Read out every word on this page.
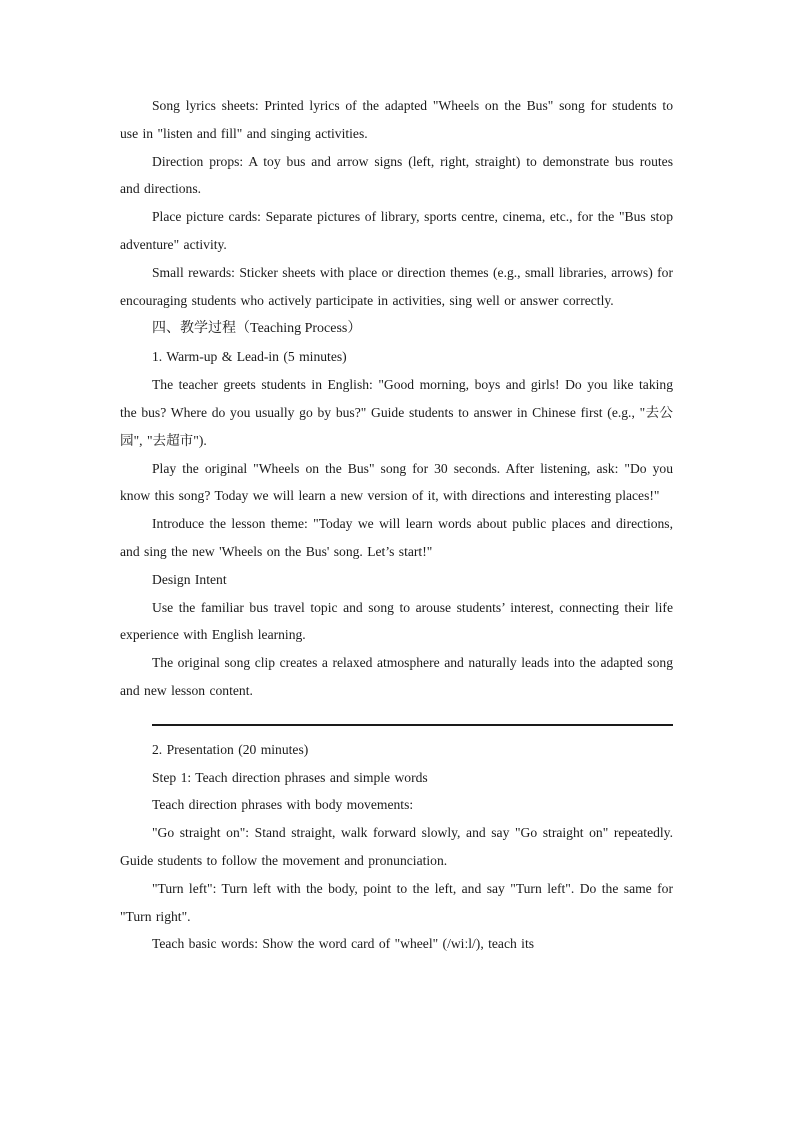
Song lyrics sheets: Printed lyrics of the adapted "Wheels on the Bus" song for students to use in "listen and fill" and singing activities.

Direction props: A toy bus and arrow signs (left, right, straight) to demonstrate bus routes and directions.

Place picture cards: Separate pictures of library, sports centre, cinema, etc., for the "Bus stop adventure" activity.

Small rewards: Sticker sheets with place or direction themes (e.g., small libraries, arrows) for encouraging students who actively participate in activities, sing well or answer correctly.

四、教学过程（Teaching Process）

1. Warm-up & Lead-in (5 minutes)

The teacher greets students in English: "Good morning, boys and girls! Do you like taking the bus? Where do you usually go by bus?" Guide students to answer in Chinese first (e.g., "去公园", "去超市").

Play the original "Wheels on the Bus" song for 30 seconds. After listening, ask: "Do you know this song? Today we will learn a new version of it, with directions and interesting places!"

Introduce the lesson theme: "Today we will learn words about public places and directions, and sing the new 'Wheels on the Bus' song. Let’s start!"

Design Intent

Use the familiar bus travel topic and song to arouse students’ interest, connecting their life experience with English learning.

The original song clip creates a relaxed atmosphere and naturally leads into the adapted song and new lesson content.

2. Presentation (20 minutes)

Step 1: Teach direction phrases and simple words

Teach direction phrases with body movements:

"Go straight on": Stand straight, walk forward slowly, and say "Go straight on" repeatedly. Guide students to follow the movement and pronunciation.

"Turn left": Turn left with the body, point to the left, and say "Turn left". Do the same for "Turn right".

Teach basic words: Show the word card of "wheel" (/wiːl/), teach its
